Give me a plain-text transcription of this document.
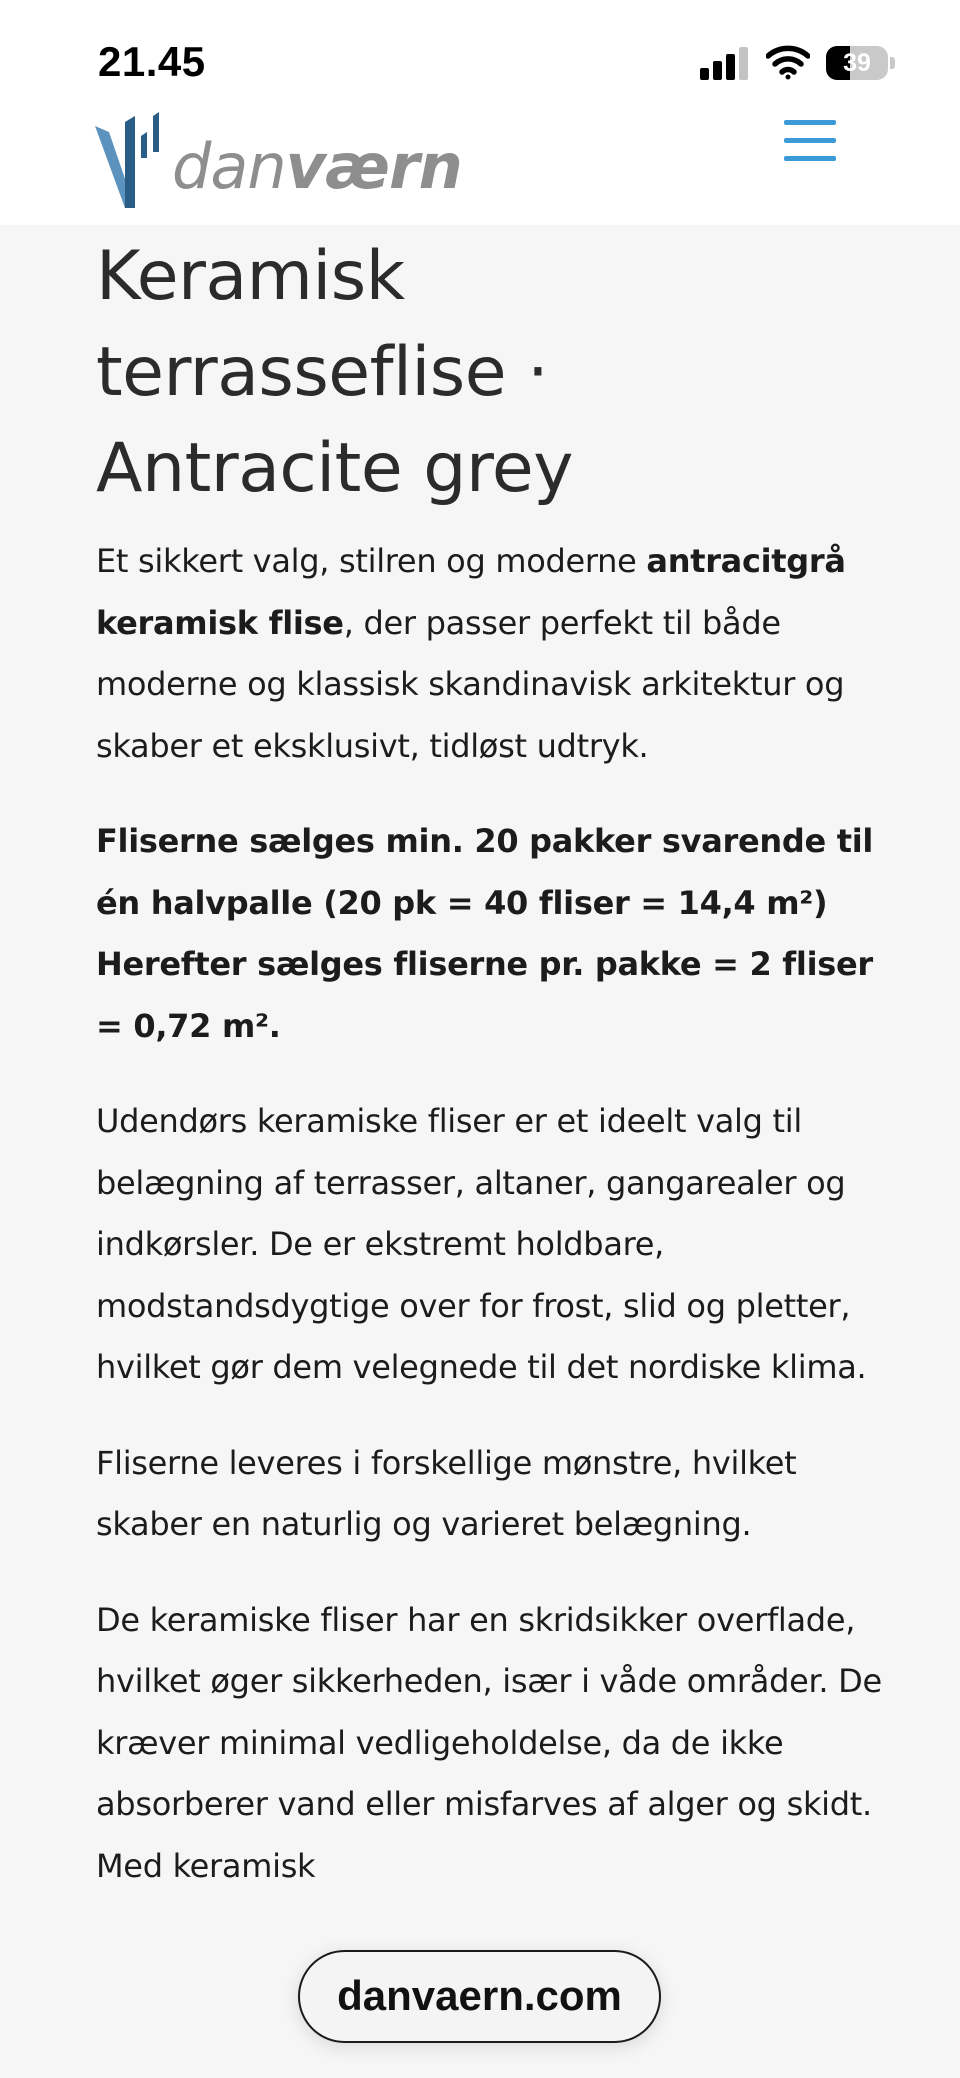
21.45	39
danværn
Keramisk
terrasseflise ·
Antracite grey

Et sikkert valg, stilren og moderne antracitgrå keramisk flise, der passer perfekt til både moderne og klassisk skandinavisk arkitektur og skaber et eksklusivt, tidløst udtryk.

Fliserne sælges min. 20 pakker svarende til én halvpalle (20 pk = 40 fliser = 14,4 m²) Herefter sælges fliserne pr. pakke = 2 fliser = 0,72 m².

Udendørs keramiske fliser er et ideelt valg til belægning af terrasser, altaner, gangarealer og indkørsler. De er ekstremt holdbare, modstandsdygtige over for frost, slid og pletter, hvilket gør dem velegnede til det nordiske klima.

Fliserne leveres i forskellige mønstre, hvilket skaber en naturlig og varieret belægning.

De keramiske fliser har en skridsikker overflade, hvilket øger sikkerheden, især i våde områder. De kræver minimal vedligeholdelse, da de ikke absorberer vand eller misfarves af alger og skidt. Med keramisk

danvaern.com
